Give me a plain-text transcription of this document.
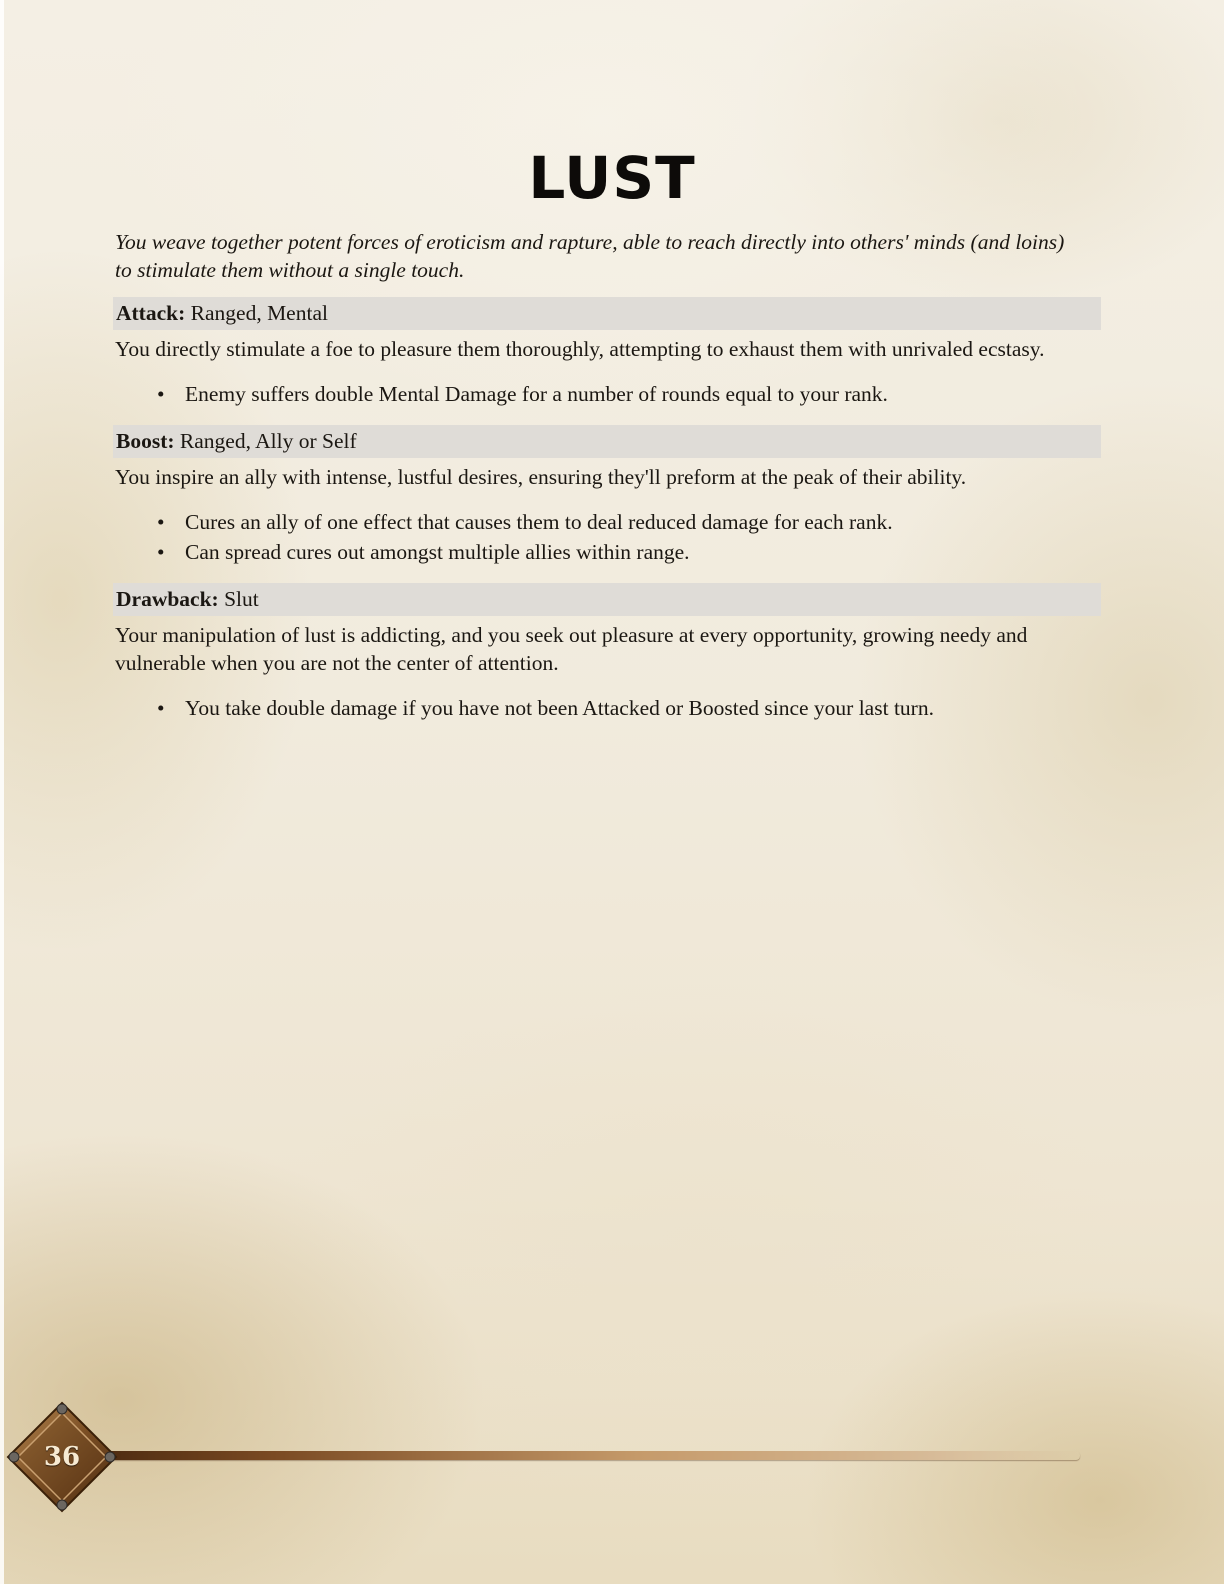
LUST

You weave together potent forces of eroticism and rapture, able to reach directly into others' minds (and loins) to stimulate them without a single touch.

Attack: Ranged, Mental

You directly stimulate a foe to pleasure them thoroughly, attempting to exhaust them with unrivaled ecstasy.

• Enemy suffers double Mental Damage for a number of rounds equal to your rank.
Boost: Ranged, Ally or Self

You inspire an ally with intense, lustful desires, ensuring they'll preform at the peak of their ability.

• Cures an ally of one effect that causes them to deal reduced damage for each rank.
• Can spread cures out amongst multiple allies within range.
Drawback: Slut

Your manipulation of lust is addicting, and you seek out pleasure at every opportunity, growing needy and vulnerable when you are not the center of attention.

• You take double damage if you have not been Attacked or Boosted since your last turn.
36
